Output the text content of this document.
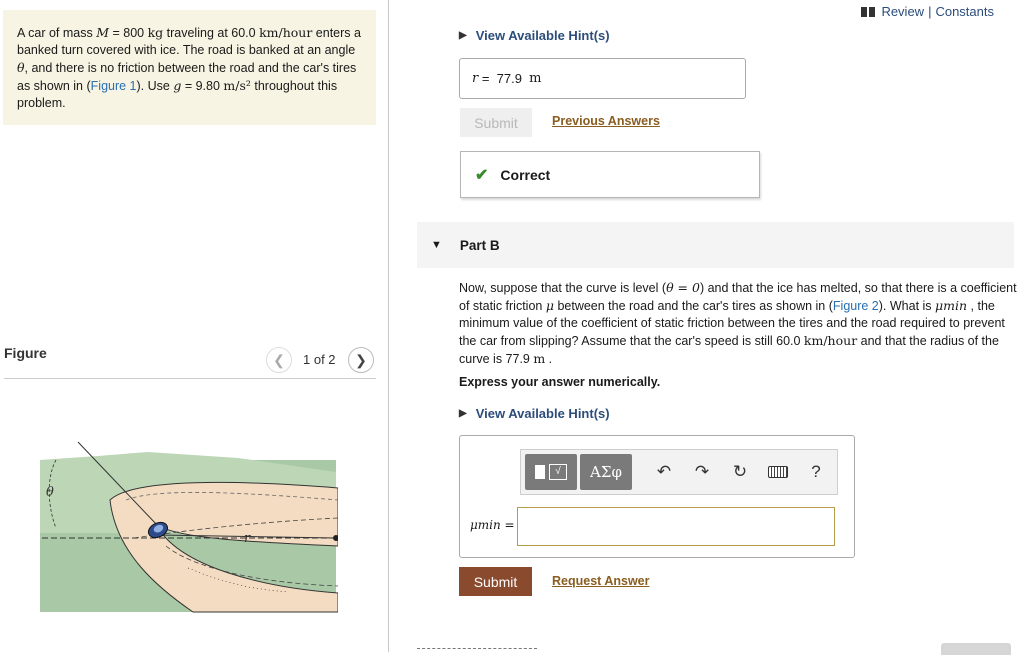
A car of mass M = 800 kg traveling at 60.0 km/hour enters a banked turn covered with ice. The road is banked at an angle θ, and there is no friction between the road and the car's tires as shown in (Figure 1). Use g = 9.80 m/s² throughout this problem.
Figure	❮ 1 of 2 ❯
θ
r
Review | Constants
▶ View Available Hint(s)
r =  77.9 m
Submit	Previous Answers
✔ Correct
▼ Part B
Now, suppose that the curve is level (θ = 0) and that the ice has melted, so that there is a coefficient of static friction μ between the road and the car's tires as shown in (Figure 2). What is μmin , the minimum value of the coefficient of static friction between the tires and the road required to prevent the car from slipping? Assume that the car's speed is still 60.0 km/hour and that the radius of the curve is 77.9 m .
Express your answer numerically.
▶ View Available Hint(s)
√	ΑΣφ ↶ ↷ ↻	?
μmin =
Submit	Request Answer
